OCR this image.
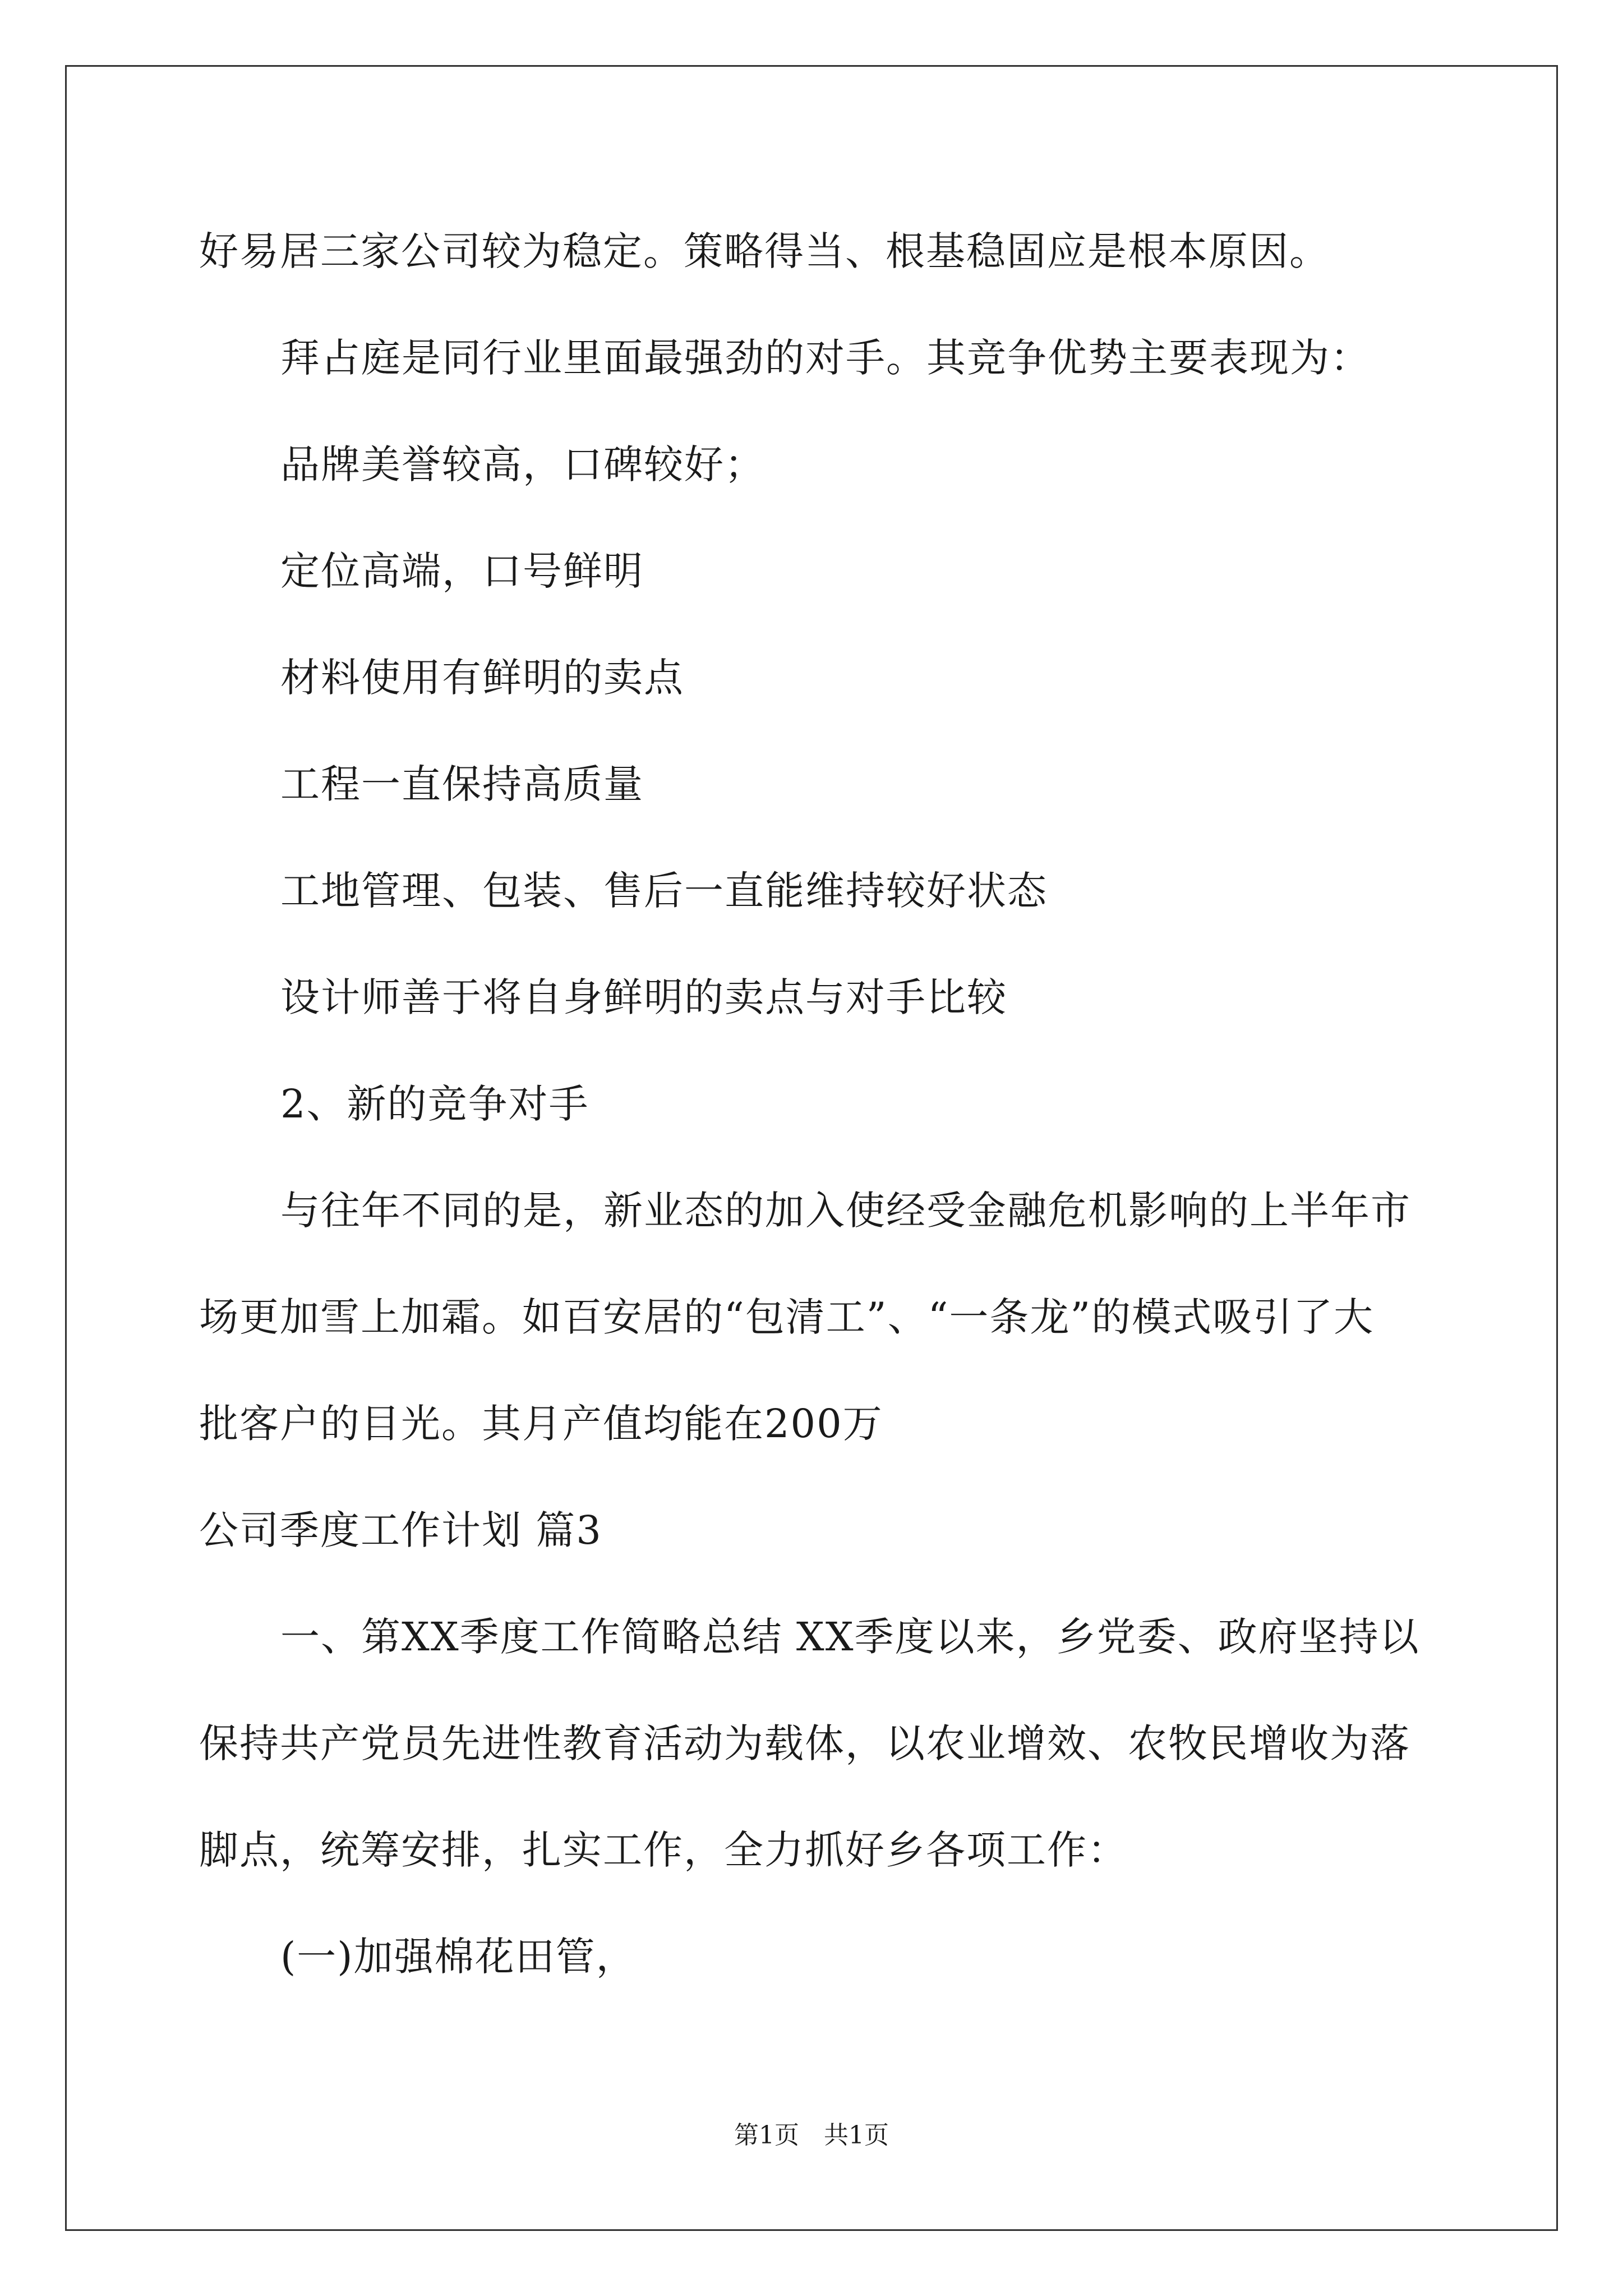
好易居三家公司较为稳定。策略得当、根基稳固应是根本原因。
拜占庭是同行业里面最强劲的对手。其竞争优势主要表现为：
品牌美誉较高，口碑较好；
定位高端，口号鲜明
材料使用有鲜明的卖点
工程一直保持高质量
工地管理、包装、售后一直能维持较好状态
设计师善于将自身鲜明的卖点与对手比较
2、新的竞争对手
与往年不同的是，新业态的加入使经受金融危机影响的上半年市
场更加雪上加霜。如百安居的“包清工”、“一条龙”的模式吸引了大
批客户的目光。其月产值均能在200万
公司季度工作计划 篇3
一、第XX季度工作简略总结 XX季度以来，乡党委、政府坚持以
保持共产党员先进性教育活动为载体，以农业增效、农牧民增收为落
脚点，统筹安排，扎实工作，全力抓好乡各项工作：
(一)加强棉花田管，
第1页　共1页
